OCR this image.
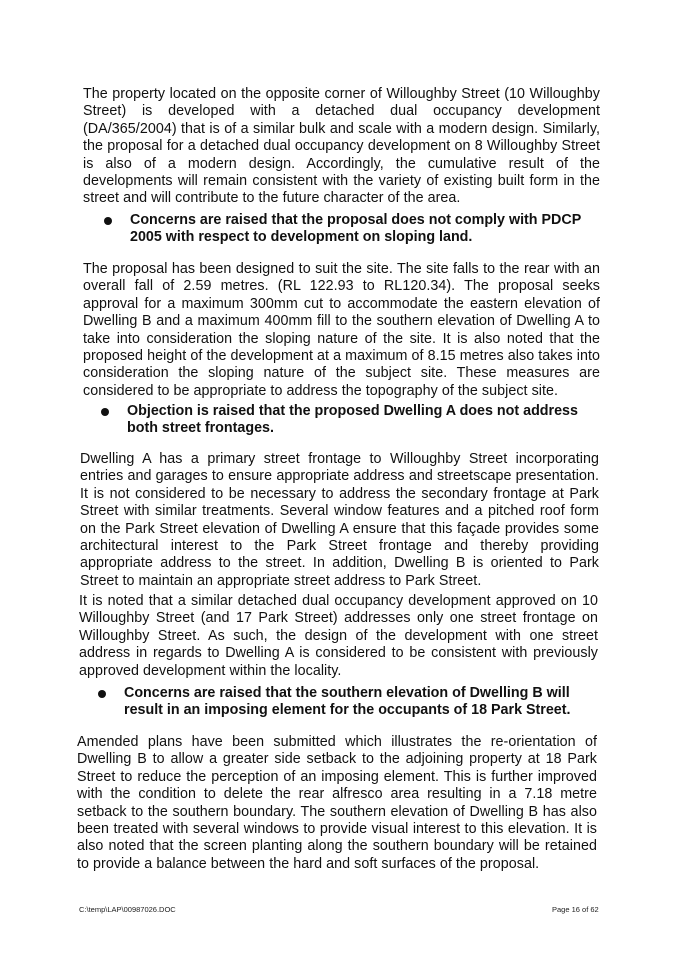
The property located on the opposite corner of Willoughby Street (10 Willoughby Street) is developed with a detached dual occupancy development (DA/365/2004) that is of a similar bulk and scale with a modern design. Similarly, the proposal for a detached dual occupancy development on 8 Willoughby Street is also of a modern design. Accordingly, the cumulative result of the developments will remain consistent with the variety of existing built form in the street and will contribute to the future character of the area.

Concerns are raised that the proposal does not comply with PDCP 2005 with respect to development on sloping land.

The proposal has been designed to suit the site. The site falls to the rear with an overall fall of 2.59 metres. (RL 122.93 to RL120.34). The proposal seeks approval for a maximum 300mm cut to accommodate the eastern elevation of Dwelling B and a maximum 400mm fill to the southern elevation of Dwelling A to take into consideration the sloping nature of the site. It is also noted that the proposed height of the development at a maximum of 8.15 metres also takes into consideration the sloping nature of the subject site. These measures are considered to be appropriate to address the topography of the subject site.

Objection is raised that the proposed Dwelling A does not address both street frontages.

Dwelling A has a primary street frontage to Willoughby Street incorporating entries and garages to ensure appropriate address and streetscape presentation. It is not considered to be necessary to address the secondary frontage at Park Street with similar treatments. Several window features and a pitched roof form on the Park Street elevation of Dwelling A ensure that this façade provides some architectural interest to the Park Street frontage and thereby providing appropriate address to the street. In addition, Dwelling B is oriented to Park Street to maintain an appropriate street address to Park Street.

It is noted that a similar detached dual occupancy development approved on 10 Willoughby Street (and 17 Park Street) addresses only one street frontage on Willoughby Street. As such, the design of the development with one street address in regards to Dwelling A is considered to be consistent with previously approved development within the locality.

Concerns are raised that the southern elevation of Dwelling B will result in an imposing element for the occupants of 18 Park Street.

Amended plans have been submitted which illustrates the re-orientation of Dwelling B to allow a greater side setback to the adjoining property at 18 Park Street to reduce the perception of an imposing element. This is further improved with the condition to delete the rear alfresco area resulting in a 7.18 metre setback to the southern boundary. The southern elevation of Dwelling B has also been treated with several windows to provide visual interest to this elevation. It is also noted that the screen planting along the southern boundary will be retained to provide a balance between the hard and soft surfaces of the proposal.

C:\temp\LAP\00987026.DOC	Page 16 of 62
